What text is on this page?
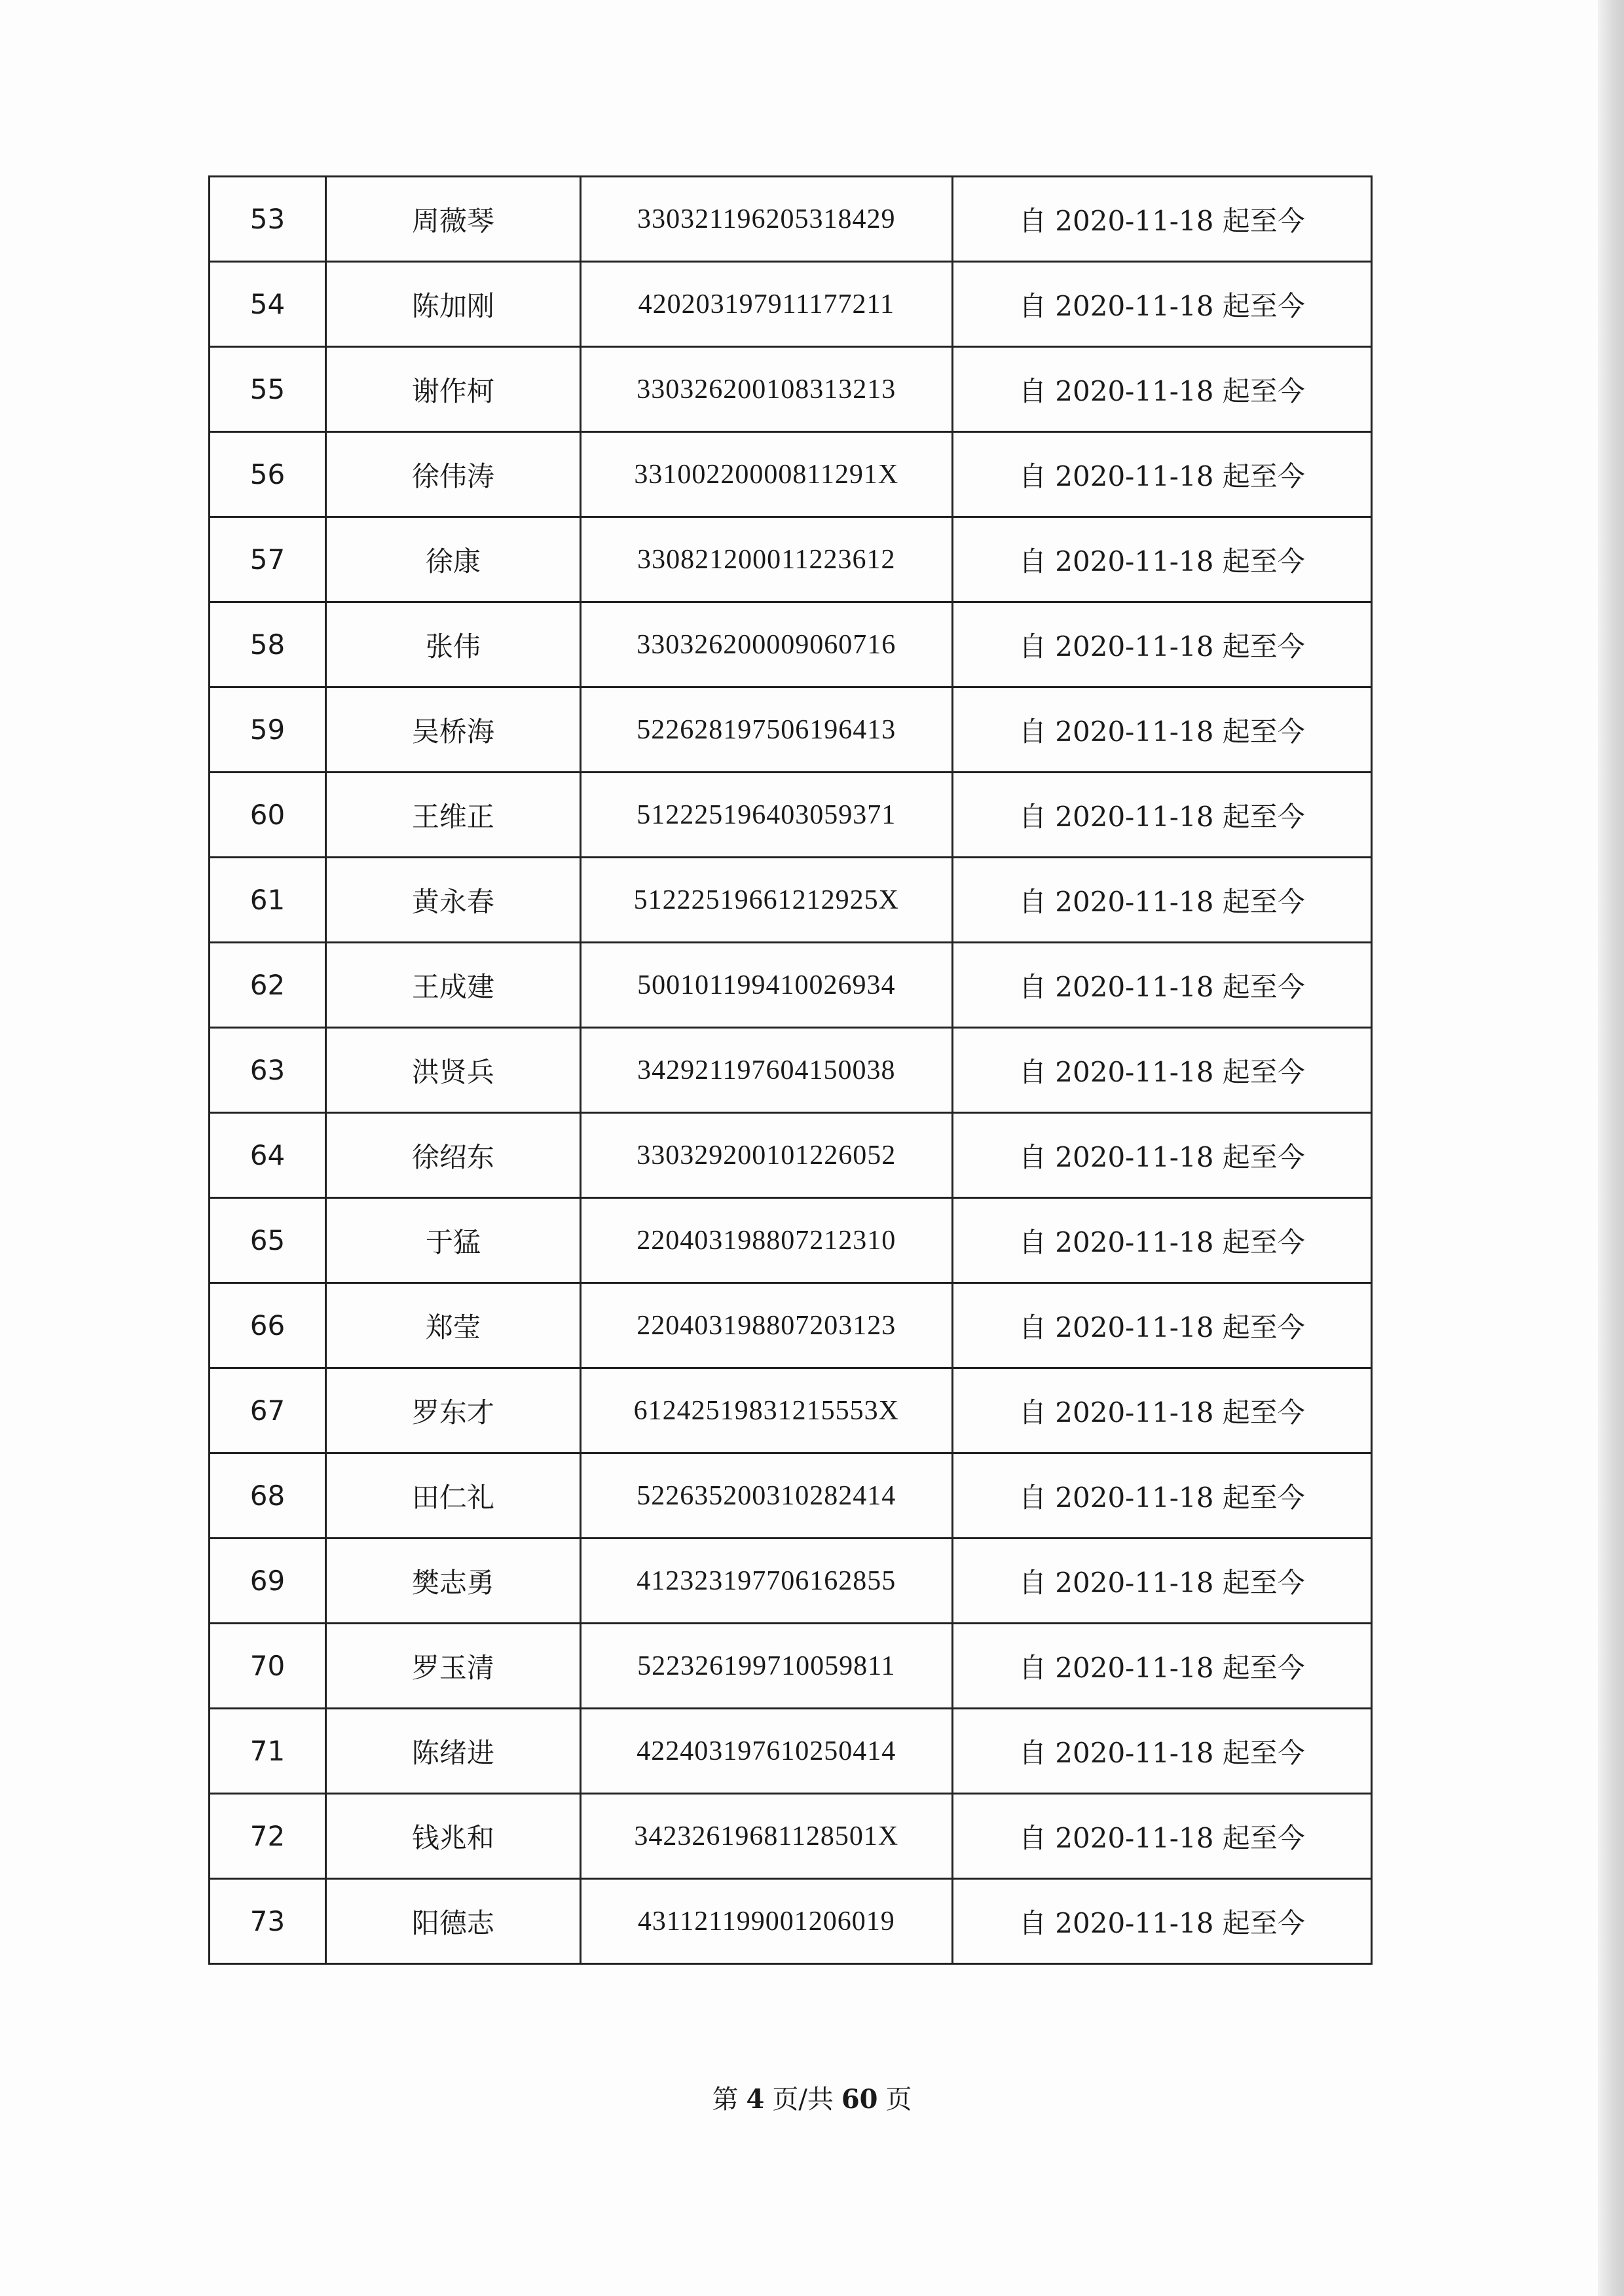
53	周薇琴	330321196205318429	自 2020-11-18 起至今
54	陈加刚	420203197911177211	自 2020-11-18 起至今
55	谢作柯	330326200108313213	自 2020-11-18 起至今
56	徐伟涛	33100220000811291X	自 2020-11-18 起至今
57	徐康	330821200011223612	自 2020-11-18 起至今
58	张伟	330326200009060716	自 2020-11-18 起至今
59	吴桥海	522628197506196413	自 2020-11-18 起至今
60	王维正	512225196403059371	自 2020-11-18 起至今
61	黄永春	51222519661212925X	自 2020-11-18 起至今
62	王成建	500101199410026934	自 2020-11-18 起至今
63	洪贤兵	342921197604150038	自 2020-11-18 起至今
64	徐绍东	330329200101226052	自 2020-11-18 起至今
65	于猛	220403198807212310	自 2020-11-18 起至今
66	郑莹	220403198807203123	自 2020-11-18 起至今
67	罗东才	61242519831215553X	自 2020-11-18 起至今
68	田仁礼	522635200310282414	自 2020-11-18 起至今
69	樊志勇	412323197706162855	自 2020-11-18 起至今
70	罗玉清	522326199710059811	自 2020-11-18 起至今
71	陈绪进	422403197610250414	自 2020-11-18 起至今
72	钱兆和	34232619681128501X	自 2020-11-18 起至今
73	阳德志	431121199001206019	自 2020-11-18 起至今
第 4 页/共 60 页
